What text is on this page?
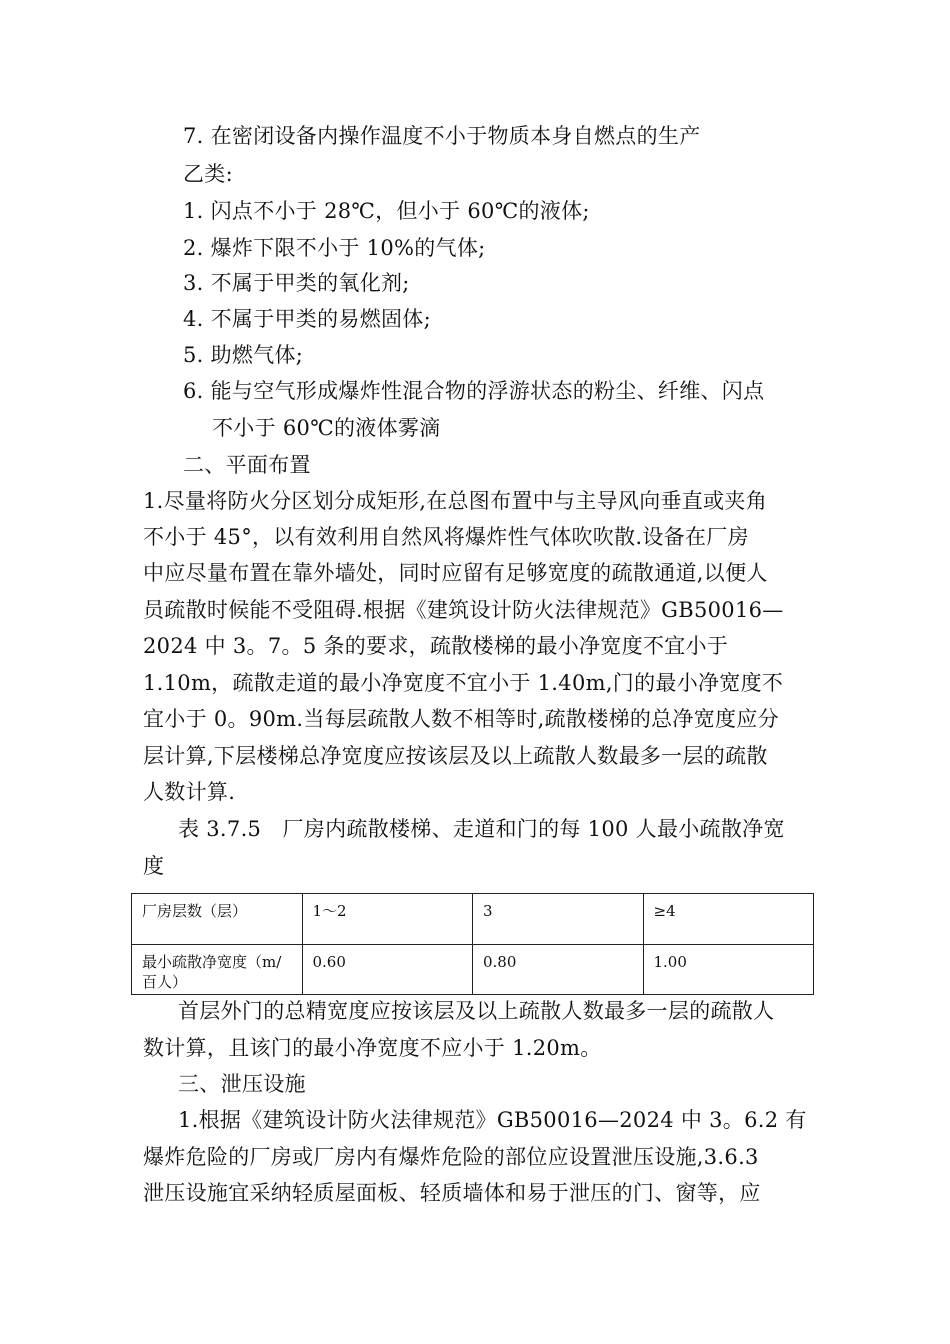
7. 在密闭设备内操作温度不小于物质本身自燃点的生产
乙类:
1. 闪点不小于 28℃，但小于 60℃的液体;
2. 爆炸下限不小于 10%的气体;
3. 不属于甲类的氧化剂;
4. 不属于甲类的易燃固体;
5. 助燃气体;
6. 能与空气形成爆炸性混合物的浮游状态的粉尘、纤维、闪点
不小于 60℃的液体雾滴
二、平面布置
1.尽量将防火分区划分成矩形,在总图布置中与主导风向垂直或夹角
不小于 45°，以有效利用自然风将爆炸性气体吹吹散.设备在厂房
中应尽量布置在靠外墙处，同时应留有足够宽度的疏散通道,以便人
员疏散时候能不受阻碍.根据《建筑设计防火法律规范》GB50016—
2024 中 3。7。5 条的要求，疏散楼梯的最小净宽度不宜小于
1.10m，疏散走道的最小净宽度不宜小于 1.40m,门的最小净宽度不
宜小于 0。90m.当每层疏散人数不相等时,疏散楼梯的总净宽度应分
层计算,下层楼梯总净宽度应按该层及以上疏散人数最多一层的疏散
人数计算.
表 3.7.5　厂房内疏散楼梯、走道和门的每 100 人最小疏散净宽
度
厂房层数（层）	1～2	3	≥4
最小疏散净宽度（m/百人）	0.60	0.80	1.00
首层外门的总精宽度应按该层及以上疏散人数最多一层的疏散人
数计算，且该门的最小净宽度不应小于 1.20m。
三、泄压设施
1.根据《建筑设计防火法律规范》GB50016—2024 中 3。6.2 有
爆炸危险的厂房或厂房内有爆炸危险的部位应设置泄压设施,3.6.3
泄压设施宜采纳轻质屋面板、轻质墙体和易于泄压的门、窗等，应
